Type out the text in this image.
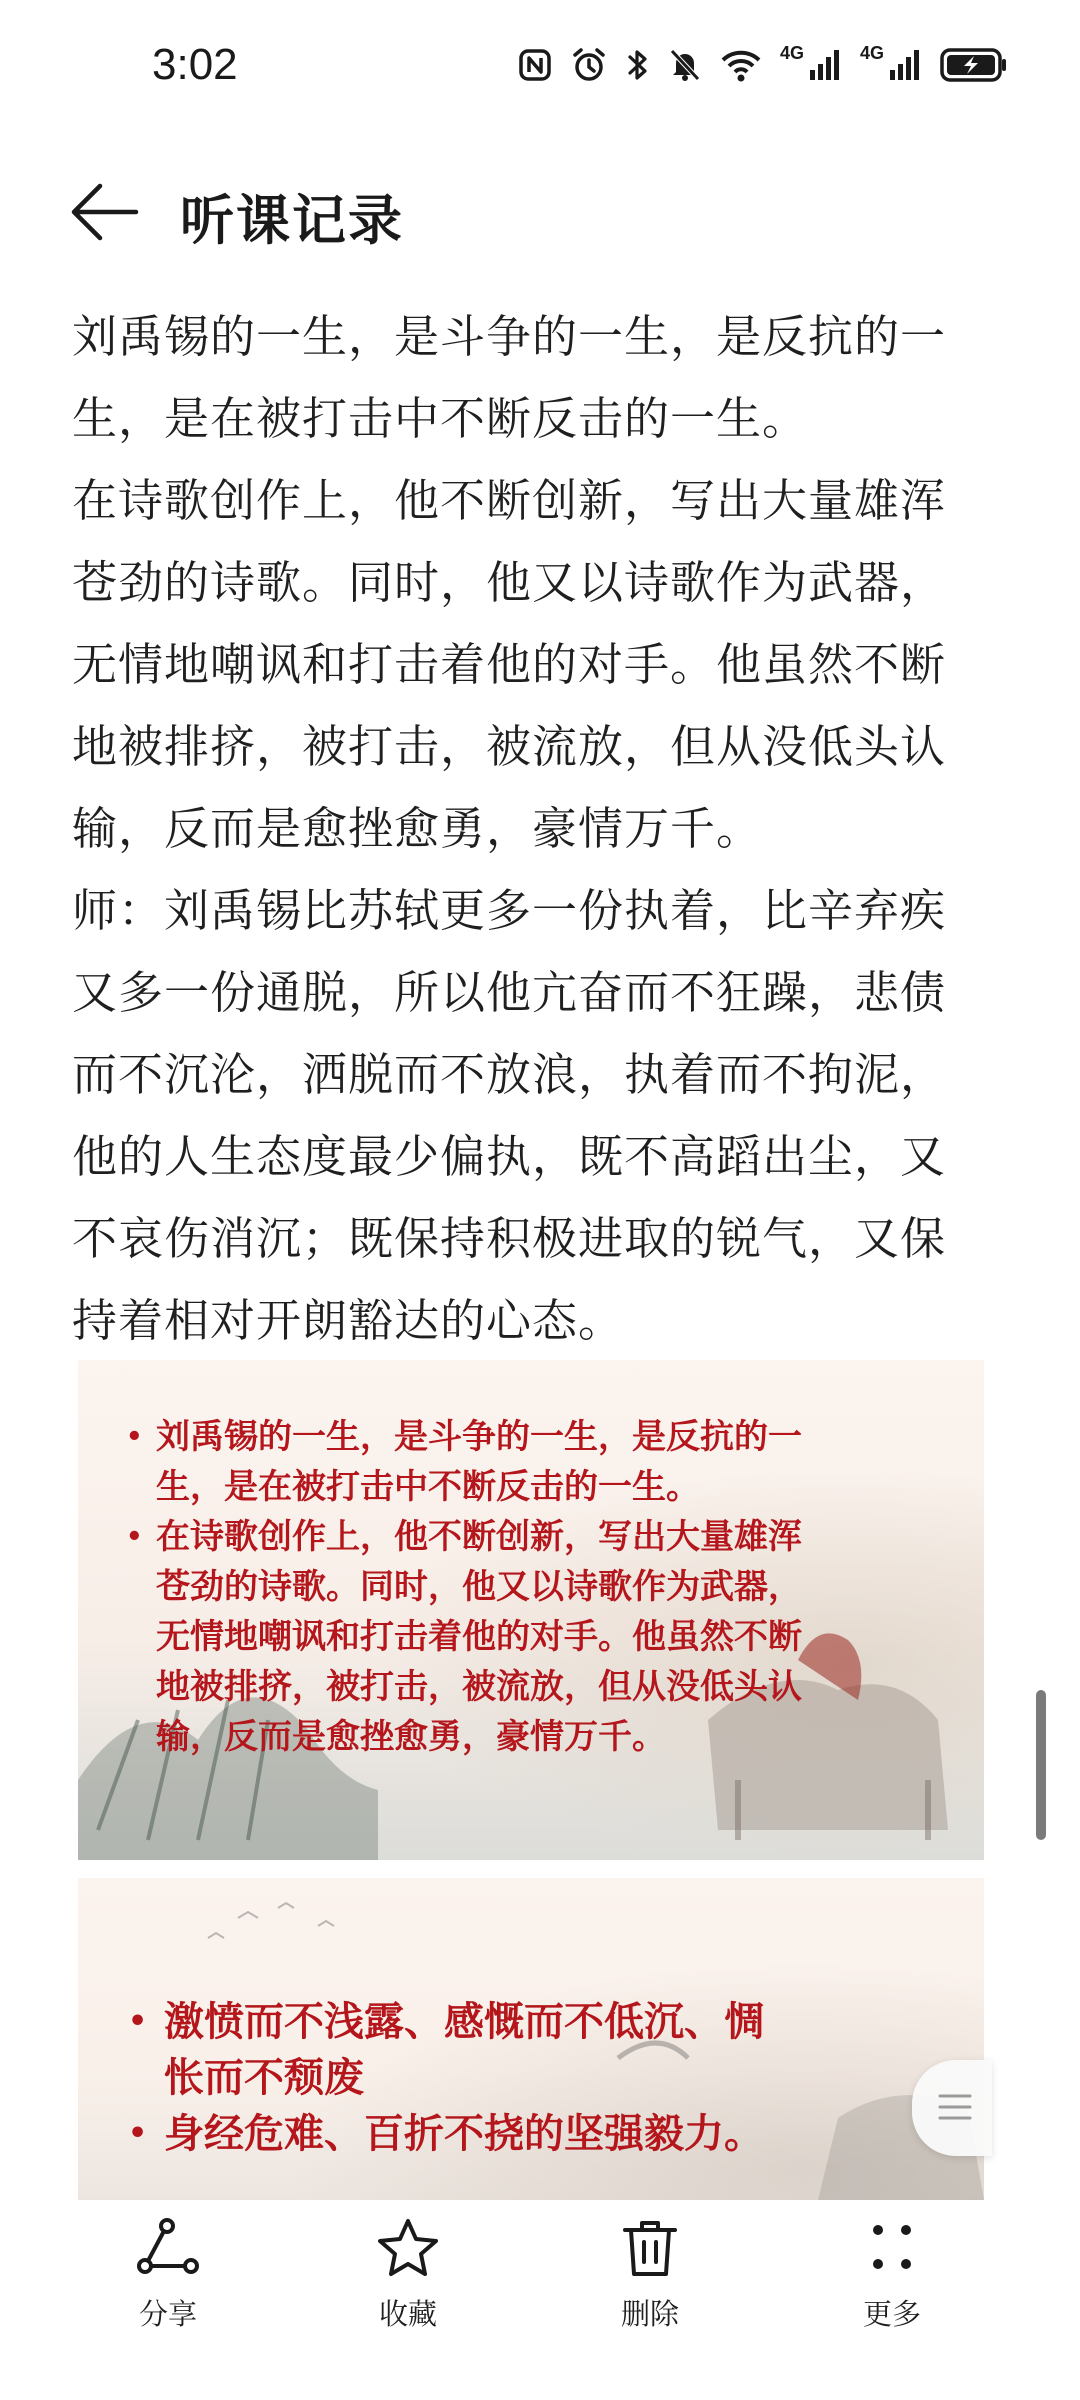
3:02	4G	4G
听课记录
刘禹锡的一生，是斗争的一生，是反抗的一
生，是在被打击中不断反击的一生。
在诗歌创作上，他不断创新，写出大量雄浑
苍劲的诗歌。同时，他又以诗歌作为武器，
无情地嘲讽和打击着他的对手。他虽然不断
地被排挤，被打击，被流放，但从没低头认
输，反而是愈挫愈勇，豪情万千。
师：刘禹锡比苏轼更多一份执着，比辛弃疾
又多一份通脱，所以他亢奋而不狂躁，悲债
而不沉沦，洒脱而不放浪，执着而不拘泥，
他的人生态度最少偏执，既不高蹈出尘，又
不哀伤消沉；既保持积极进取的锐气，又保
持着相对开朗豁达的心态。
• 刘禹锡的一生，是斗争的一生，是反抗的一
生，是在被打击中不断反击的一生。
• 在诗歌创作上，他不断创新，写出大量雄浑
苍劲的诗歌。同时，他又以诗歌作为武器，
无情地嘲讽和打击着他的对手。他虽然不断
地被排挤，被打击，被流放，但从没低头认
输，反而是愈挫愈勇，豪情万千。
• 激愤而不浅露、感慨而不低沉、惆
怅而不颓废
• 身经危难、百折不挠的坚强毅力。
分享	收藏	删除	更多
